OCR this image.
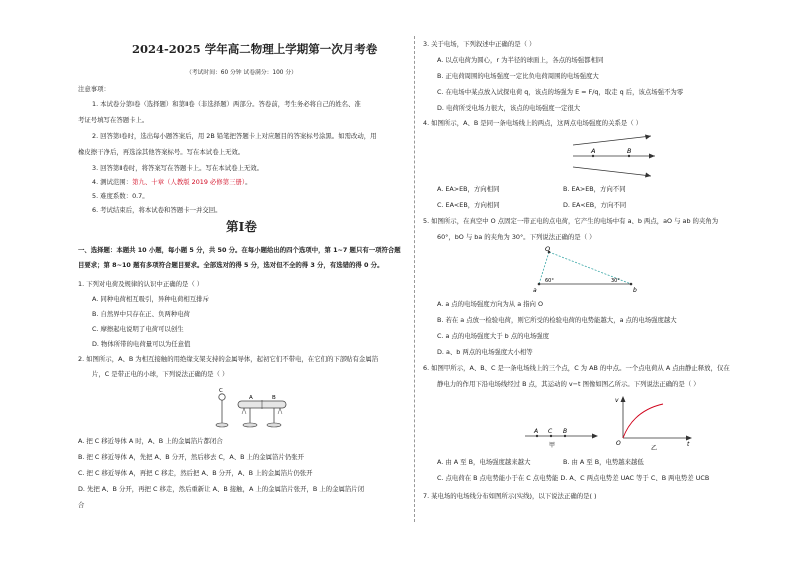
2024-2025 学年高二物理上学期第一次月考卷
（考试时间：60 分钟 试卷满分：100 分）
注意事项：
1. 本试卷分第Ⅰ卷（选择题）和第Ⅱ卷（非选择题）两部分。答卷前，考生务必将自己的姓名、准
考证号填写在答题卡上。
2. 回答第Ⅰ卷时，选出每小题答案后，用 2B 铅笔把答题卡上对应题目的答案标号涂黑。如需改动，用
橡皮擦干净后，再选涂其他答案标号。写在本试卷上无效。
3. 回答第Ⅱ卷时，将答案写在答题卡上。写在本试卷上无效。
4. 测试范围：第九、十章（人教版 2019 必修第三册）。
5. 难度系数：0.7。
6. 考试结束后，将本试卷和答题卡一并交回。
第Ⅰ卷
一、选择题：本题共 10 小题，每小题 5 分，共 50 分。在每小题给出的四个选项中，第 1~7 题只有一项符合题
目要求；第 8~10 题有多项符合题目要求。全部选对的得 5 分，选对但不全的得 3 分，有选错的得 0 分。
1. 下列对电荷及规律的认识中正确的是（ ）
A. 同种电荷相互吸引，异种电荷相互排斥
B. 自然界中只存在正、负两种电荷
C. 摩擦起电说明了电荷可以创生
D. 物体所带的电荷量可以为任意值
2. 如图所示，A、B 为相互接触的用绝缘支架支持的金属导体，起初它们不带电，在它们的下部贴有金属箔
片，C 是带正电的小球，下列说法正确的是（ ）
C
A	B
A. 把 C 移近导体 A 时，A、B 上的金属箔片都闭合
B. 把 C 移近导体 A，先把 A、B 分开，然后移去 C，A、B 上的金属箔片仍张开
C. 把 C 移近导体 A，再把 C 移走，然后把 A、B 分开，A、B 上的金属箔片仍张开
D. 先把 A、B 分开，再把 C 移走，然后重新让 A、B 接触，A 上的金属箔片张开，B 上的金属箔片闭
合
3. 关于电场，下列叙述中正确的是（ ）
A. 以点电荷为圆心，r 为半径的球面上，各点的场强都相同
B. 正电荷周围的电场强度一定比负电荷周围的电场强度大
C. 在电场中某点放入试探电荷 q，该点的场强为 E = F/q，取走 q 后，该点场强不为零
D. 电荷所受电场力很大，该点的电场强度一定很大
4. 如图所示，A、B 是同一条电场线上的两点，这两点电场强度的关系是（ ）
A	B
A. EA>EB，方向相同	B. EA>EB，方向不同
C. EA<EB，方向相同	D. EA<EB，方向不同
5. 如图所示，在真空中 O 点固定一带正电的点电荷，它产生的电场中有 a、b 两点，aO 与 ab 的夹角为
60°，bO 与 ba 的夹角为 30°。下列说法正确的是（ ）
O
a	b
60°	30°
A. a 点的电场强度方向为从 a 指向 O
B. 若在 a 点放一检验电荷，则它所受的检验电荷的电势能越大，a 点的电场强度越大
C. a 点的电场强度大于 b 点的电场强度
D. a、b 两点的电场强度大小相等
6. 如图甲所示，A、B、C 是一条电场线上的三个点，C 为 AB 的中点。一个点电荷从 A 点由静止释放，仅在
静电力的作用下沿电场线经过 B 点，其运动的 v−t 图像如图乙所示。下列说法正确的是（ ）
A C B
甲
v
O	t
乙
A. 由 A 至 B，电场强度越来越大	B. 由 A 至 B，电势越来越低
C. 点电荷在 B 点电势能小于在 C 点电势能 D. A、C 两点电势差 UAC 等于 C、B 两电势差 UCB
7. 某电场的电场线分布如图所示(实线)，以下说法正确的是( )
